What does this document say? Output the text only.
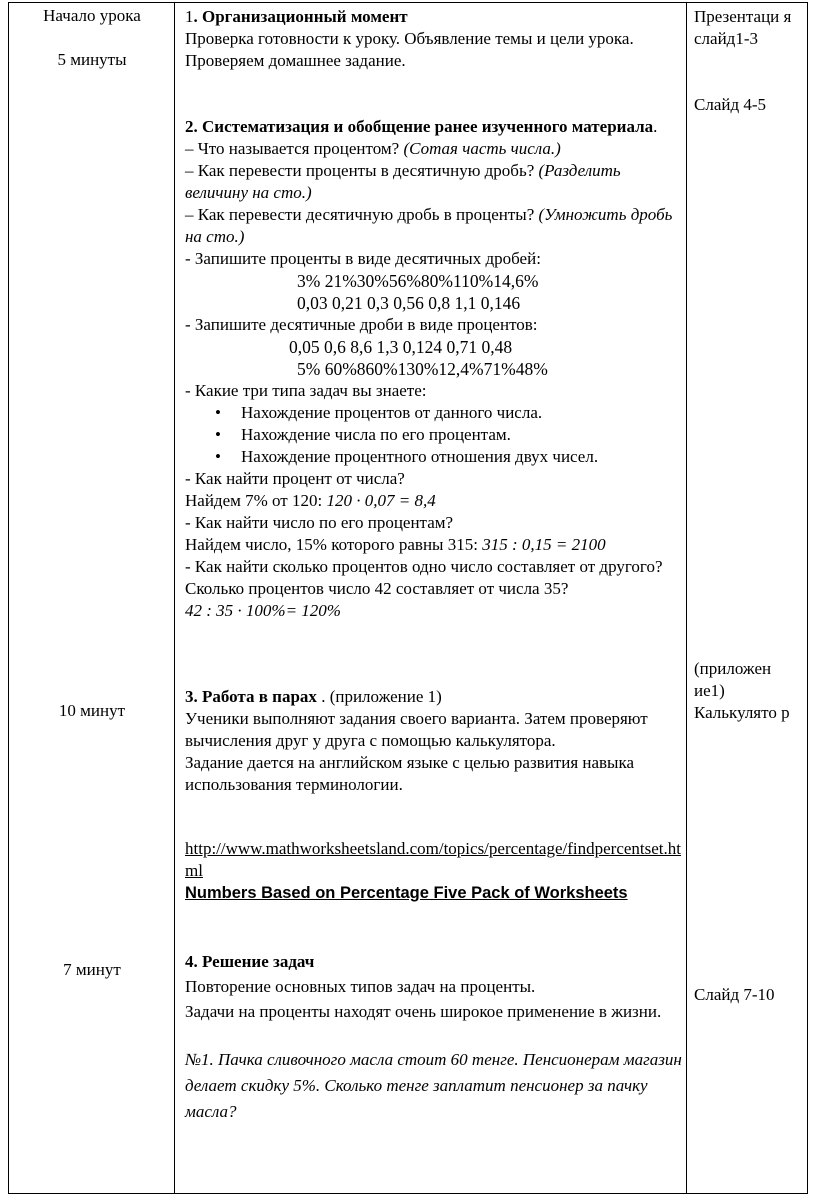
Начало урока
5 минуты
10 минут
7 минут
Презентаци я слайд1-3
Слайд 4-5
(приложен ие1) Калькулято р
Слайд 7-10

1. Организационный момент

Проверка готовности к уроку. Объявление темы и цели урока.

Проверяем домашнее задание.

2. Систематизация и обобщение ранее изученного материала.

– Что называется процентом? (Сотая часть числа.)

– Как перевести проценты в десятичную дробь? (Разделить величину на сто.)

– Как перевести десятичную дробь в проценты? (Умножить дробь на сто.)

- Запишите проценты в виде десятичных дробей:

3% 21%30%56%80%110%14,6%

0,03 0,21 0,3 0,56 0,8 1,1 0,146

- Запишите десятичные дроби в виде процентов:

0,05 0,6 8,6 1,3 0,124 0,71 0,48

5% 60%860%130%12,4%71%48%

- Какие три типа задач вы знаете:

• Нахождение процентов от данного числа.
• Нахождение числа по его процентам.
• Нахождение процентного отношения двух чисел.

- Как найти процент от числа?

Найдем 7% от 120: 120 · 0,07 = 8,4

- Как найти число по его процентам?

Найдем число, 15% которого равны 315: 315 : 0,15 = 2100

- Как найти сколько процентов одно число составляет от другого?

Сколько процентов число 42 составляет от числа 35?

42 : 35 · 100%= 120%

3. Работа в парах . (приложение 1)

Ученики выполняют задания своего варианта. Затем проверяют вычисления друг у друга с помощью калькулятора.

Задание дается на английском языке с целью развития навыка использования терминологии.

http://www.mathworksheetsland.com/topics/percentage/findpercentset.html

Numbers Based on Percentage Five Pack of Worksheets

4. Решение задач

Повторение основных типов задач на проценты.

Задачи на проценты находят очень широкое применение в жизни.

№1. Пачка сливочного масла стоит 60 тенге. Пенсионерам магазин делает скидку 5%. Сколько тенге заплатит пенсионер за пачку масла?
